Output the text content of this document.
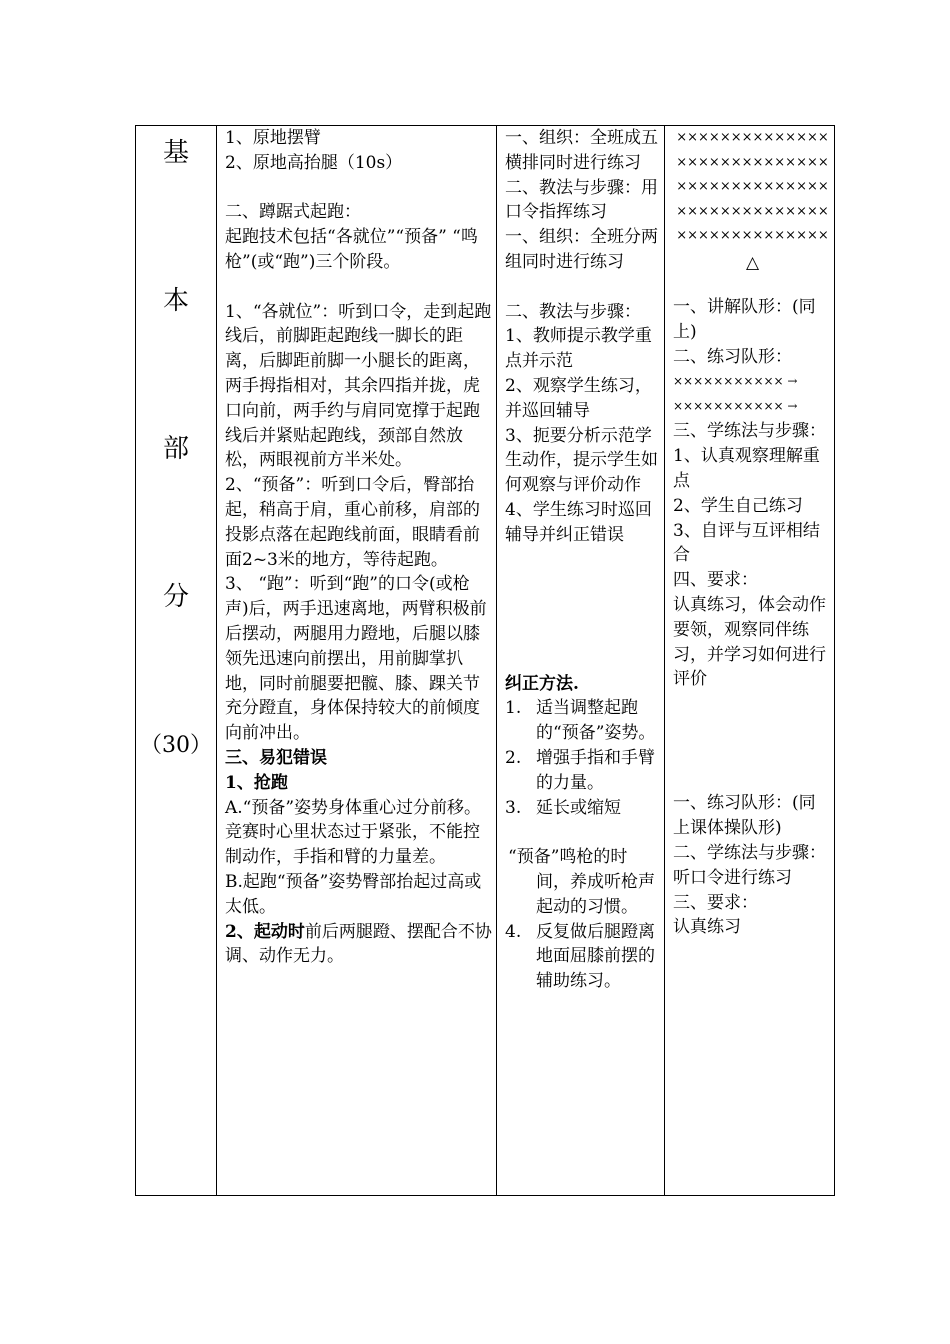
基
本
部
分
（30）

1、原地摆臂

2、原地高抬腿（10s）

二、蹲踞式起跑：

起跑技术包括“各就位”“预备” “鸣枪”(或“跑”)三个阶段。

1、“各就位”：听到口令，走到起跑线后，前脚距起跑线一脚长的距离，后脚距前脚一小腿长的距离，两手拇指相对，其余四指并拢，虎口向前，两手约与肩同宽撑于起跑线后并紧贴起跑线，颈部自然放松，两眼视前方半米处。

2、“预备”：听到口令后，臀部抬起，稍高于肩，重心前移，肩部的投影点落在起跑线前面，眼睛看前面2~3米的地方，等待起跑。

3、 “跑”：听到“跑”的口令(或枪声)后，两手迅速离地，两臂积极前后摆动，两腿用力蹬地，后腿以膝领先迅速向前摆出，用前脚掌扒地，同时前腿要把髋、膝、踝关节充分蹬直，身体保持较大的前倾度向前冲出。

三、易犯错误

1、抢跑

A.“预备”姿势身体重心过分前移。竞赛时心里状态过于紧张，不能控制动作，手指和臂的力量差。

B.起跑“预备”姿势臀部抬起过高或太低。

2、起动时前后两腿蹬、摆配合不协调、动作无力。

一、组织：全班成五横排同时进行练习

二、教法与步骤：用口令指挥练习

一、组织：全班分两组同时进行练习

二、教法与步骤：

1、教师提示教学重点并示范

2、观察学生练习，并巡回辅导

3、扼要分析示范学生动作，提示学生如何观察与评价动作

4、学生练习时巡回辅导并纠正错误

纠正方法.

1. 适当调整起跑的“预备”姿势。
2. 增强手指和手臂的力量。
3. 延长或缩短

“预备”鸣枪的时间，养成听枪声起动的习惯。

4. 反复做后腿蹬离地面屈膝前摆的辅助练习。
××××××××××××××
××××××××××××××
××××××××××××××
××××××××××××××
××××××××××××××
△

一、讲解队形：(同上)

二、练习队形：

××××××××××× →
××××××××××× →

三、学练法与步骤：

1、认真观察理解重点

2、学生自己练习

3、自评与互评相结合

四、要求：

认真练习，体会动作要领，观察同伴练习，并学习如何进行评价

一、练习队形：(同上课体操队形)

二、学练法与步骤：

听口令进行练习

三、要求：

认真练习
